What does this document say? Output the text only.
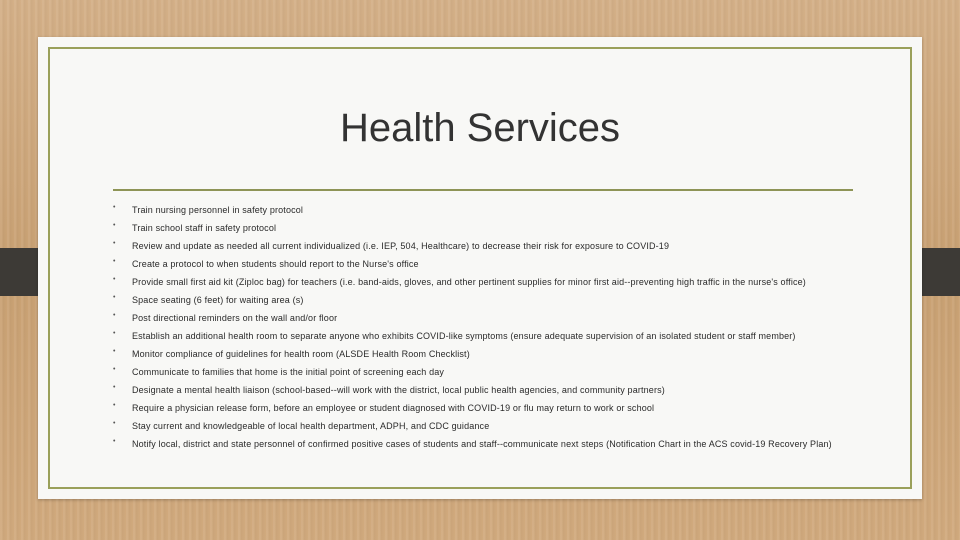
Health Services
• Train nursing personnel in safety protocol
• Train school staff in safety protocol
• Review and update as needed all current individualized (i.e. IEP, 504, Healthcare) to decrease their risk for exposure to COVID-19
• Create a protocol to when students should report to the Nurse's office
• Provide small first aid kit (Ziploc bag) for teachers (i.e. band-aids, gloves, and other pertinent supplies for minor first aid--preventing high traffic in the nurse's office)
• Space seating (6 feet) for waiting area (s)
• Post directional reminders on the wall and/or floor
• Establish an additional health room to separate anyone who exhibits COVID-like symptoms (ensure adequate supervision of an isolated student or staff member)
• Monitor compliance of guidelines for health room (ALSDE Health Room Checklist)
• Communicate to families that home is the initial point of screening each day
• Designate a mental health liaison (school-based--will work with the district, local public health agencies, and community partners)
• Require a physician release form, before an employee or student diagnosed with COVID-19 or flu may return to work or school
• Stay current and knowledgeable of local health department, ADPH, and CDC guidance
• Notify local, district and state personnel of confirmed positive cases of students and staff--communicate next steps (Notification Chart in the ACS covid-19 Recovery Plan)
